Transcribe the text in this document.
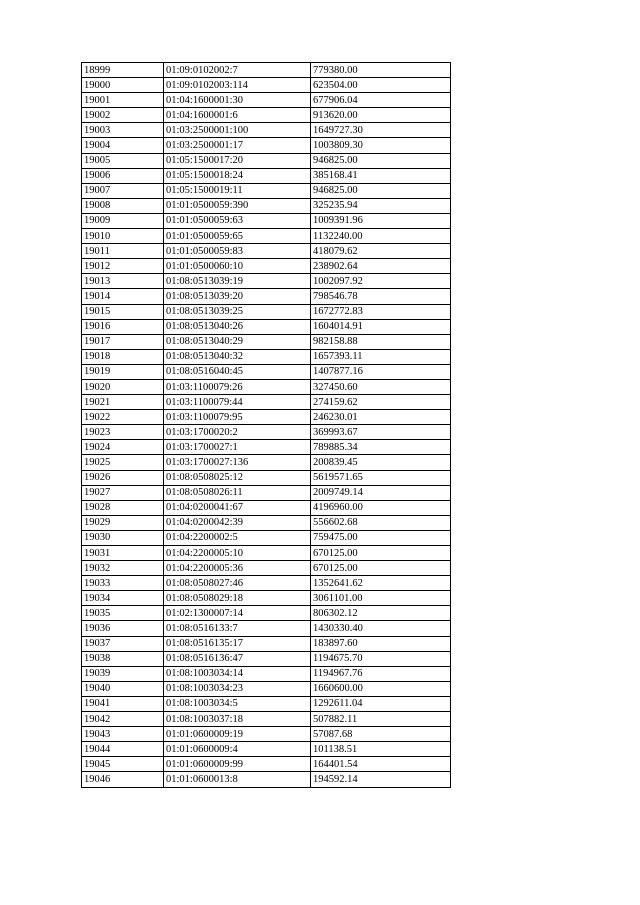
18999	01:09:0102002:7	779380.00
19000	01:09:0102003:114	623504.00
19001	01:04:1600001:30	677906.04
19002	01:04:1600001:6	913620.00
19003	01:03:2500001:100	1649727.30
19004	01:03:2500001:17	1003809.30
19005	01:05:1500017:20	946825.00
19006	01:05:1500018:24	385168.41
19007	01:05:1500019:11	946825.00
19008	01:01:0500059:390	325235.94
19009	01:01:0500059:63	1009391.96
19010	01:01:0500059:65	1132240.00
19011	01:01:0500059:83	418079.62
19012	01:01:0500060:10	238902.64
19013	01:08:0513039:19	1002097.92
19014	01:08:0513039:20	798546.78
19015	01:08:0513039:25	1672772.83
19016	01:08:0513040:26	1604014.91
19017	01:08:0513040:29	982158.88
19018	01:08:0513040:32	1657393.11
19019	01:08:0516040:45	1407877.16
19020	01:03:1100079:26	327450.60
19021	01:03:1100079:44	274159.62
19022	01:03:1100079:95	246230.01
19023	01:03:1700020:2	369993.67
19024	01:03:1700027:1	789885.34
19025	01:03:1700027:136	200839.45
19026	01:08:0508025:12	5619571.65
19027	01:08:0508026:11	2009749.14
19028	01:04:0200041:67	4196960.00
19029	01:04:0200042:39	556602.68
19030	01:04:2200002:5	759475.00
19031	01:04:2200005:10	670125.00
19032	01:04:2200005:36	670125.00
19033	01:08:0508027:46	1352641.62
19034	01:08:0508029:18	3061101.00
19035	01:02:1300007:14	806302.12
19036	01:08:0516133:7	1430330.40
19037	01:08:0516135:17	183897.60
19038	01:08:0516136:47	1194675.70
19039	01:08:1003034:14	1194967.76
19040	01:08:1003034:23	1660600.00
19041	01:08:1003034:5	1292611.04
19042	01:08:1003037:18	507882.11
19043	01:01:0600009:19	57087.68
19044	01:01:0600009:4	101138.51
19045	01:01:0600009:99	164401.54
19046	01:01:0600013:8	194592.14
